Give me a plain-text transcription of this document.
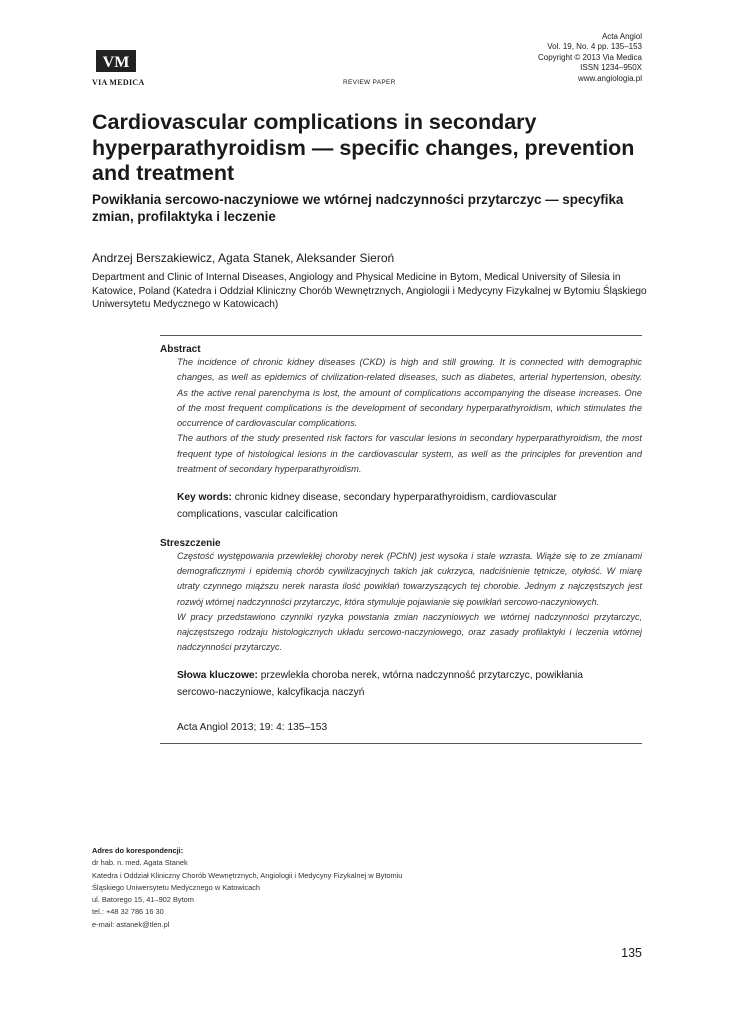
VM
VIA MEDICA
Acta Angiol
Vol. 19, No. 4 pp. 135–153
Copyright © 2013 Via Medica
ISSN 1234–950X
www.angiologia.pl
REVIEW PAPER
Cardiovascular complications in secondary hyperparathyroidism — specific changes, prevention and treatment
Powikłania sercowo-naczyniowe we wtórnej nadczynności przytarczyc — specyfika zmian, profilaktyka i leczenie
Andrzej Berszakiewicz, Agata Stanek, Aleksander Sieroń
Department and Clinic of Internal Diseases, Angiology and Physical Medicine in Bytom, Medical University of Silesia in Katowice, Poland (Katedra i Oddział Kliniczny Chorób Wewnętrznych, Angiologii i Medycyny Fizykalnej w Bytomiu Śląskiego Uniwersytetu Medycznego w Katowicach)
Abstract

The incidence of chronic kidney diseases (CKD) is high and still growing. It is connected with demographic changes, as well as epidemics of civilization-related diseases, such as diabetes, arterial hypertension, obesity. As the active renal parenchyma is lost, the amount of complications accompanying the disease increases. One of the most frequent complications is the development of secondary hyperparathyroidism, which stimulates the occurrence of cardiovascular complications.

The authors of the study presented risk factors for vascular lesions in secondary hyperparathyroidism, the most frequent type of histological lesions in the cardiovascular system, as well as the principles for prevention and treatment of secondary hyperparathyroidism.

Key words: chronic kidney disease, secondary hyperparathyroidism, cardiovascular complications, vascular calcification
Streszczenie

Częstość występowania przewlekłej choroby nerek (PChN) jest wysoka i stale wzrasta. Wiąże się to ze zmianami demograficznymi i epidemią chorób cywilizacyjnych takich jak cukrzyca, nadciśnienie tętnicze, otyłość. W miarę utraty czynnego miąższu nerek narasta ilość powikłań towarzyszących tej chorobie. Jednym z najczęstszych jest rozwój wtórnej nadczynności przytarczyc, która stymuluje pojawianie się powikłań sercowo-naczyniowych.

W pracy przedstawiono czynniki ryzyka powstania zmian naczyniowych we wtórnej nadczynności przytarczyc, najczęstszego rodzaju histologicznych układu sercowo-naczyniowego, oraz zasady profilaktyki i leczenia wtórnej nadczynności przytarczyc.

Słowa kluczowe: przewlekła choroba nerek, wtórna nadczynność przytarczyc, powikłania sercowo-naczyniowe, kalcyfikacja naczyń
Acta Angiol 2013; 19: 4: 135–153
Adres do korespondencji:
dr hab. n. med. Agata Stanek
Katedra i Oddział Kliniczny Chorób Wewnętrznych, Angiologii i Medycyny Fizykalnej w Bytomiu
Śląskiego Uniwersytetu Medycznego w Katowicach
ul. Batorego 15, 41–902 Bytom
tel.: +48 32 786 16 30
e-mail: astanek@tlen.pl
135
